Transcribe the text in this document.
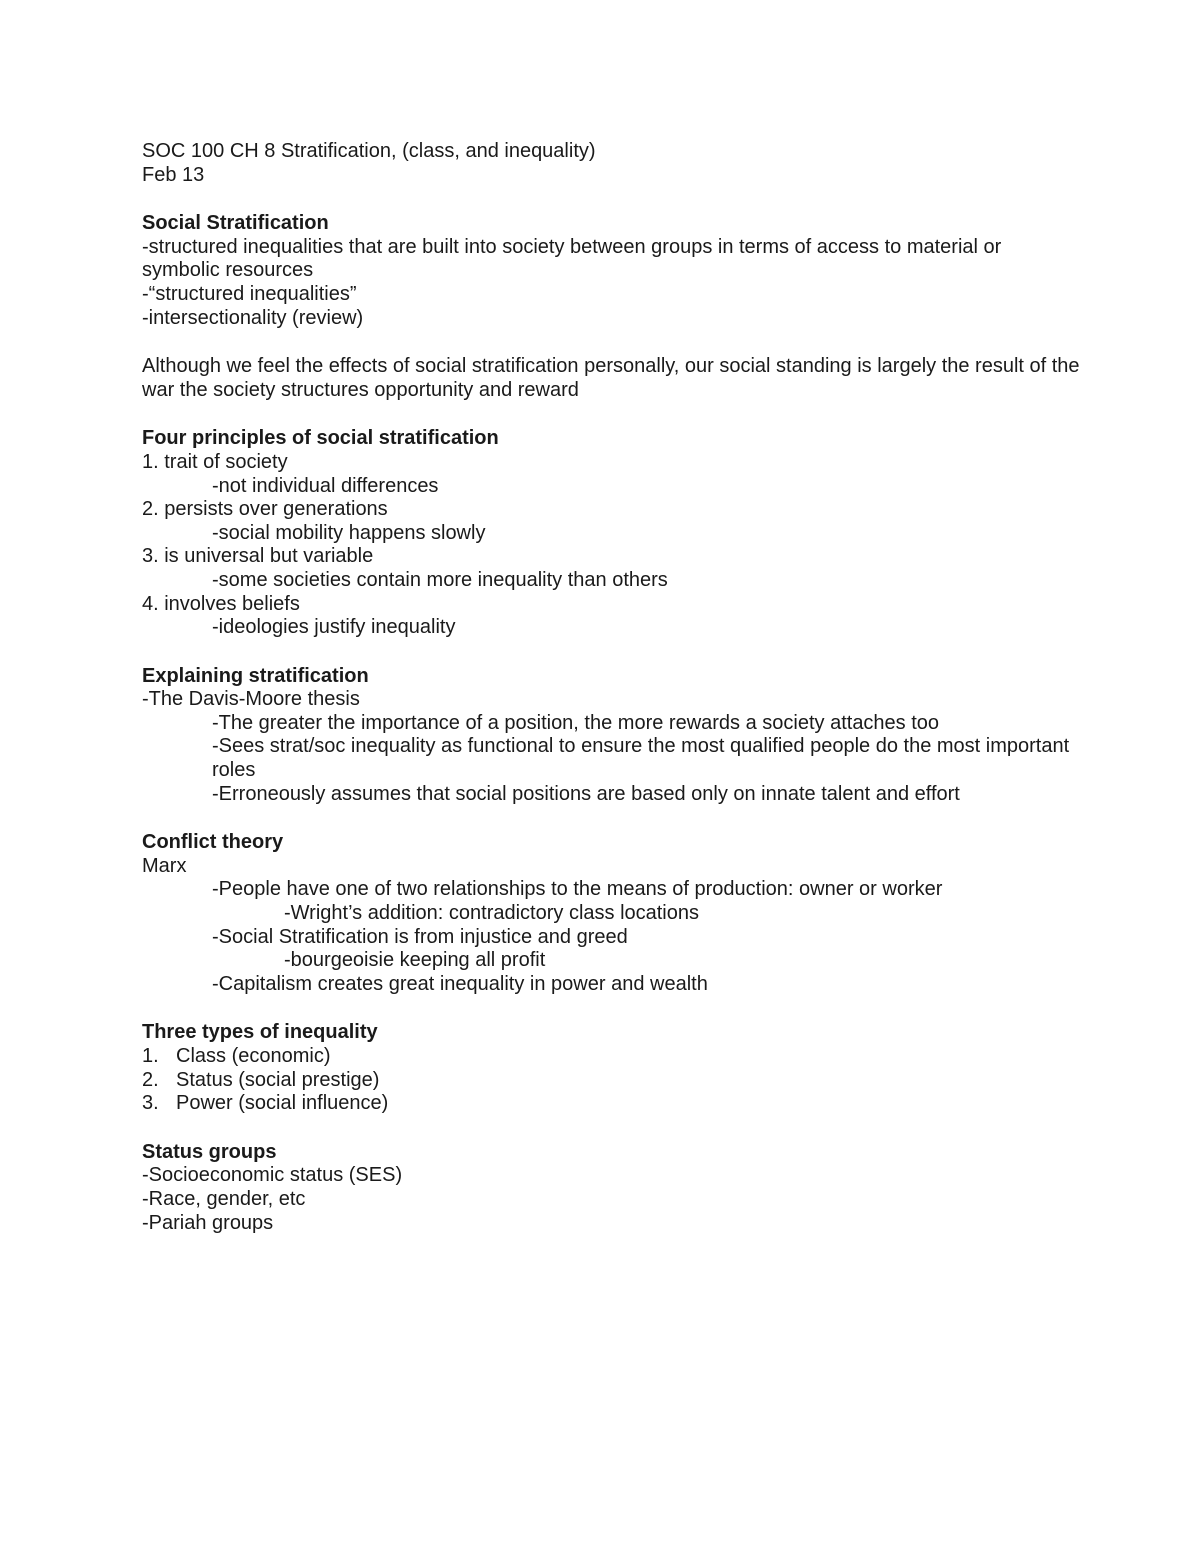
SOC 100 CH 8 Stratification, (class, and inequality)
Feb 13
Social Stratification
-structured inequalities that are built into society between groups in terms of access to material or symbolic resources
-“structured inequalities”
-intersectionality (review)
Although we feel the effects of social stratification personally, our social standing is largely the result of the war the society structures opportunity and reward
Four principles of social stratification
1. trait of society
-not individual differences
2. persists over generations
-social mobility happens slowly
3. is universal but variable
-some societies contain more inequality than others
4. involves beliefs
-ideologies justify inequality
Explaining stratification
-The Davis-Moore thesis
-The greater the importance of a position, the more rewards a society attaches too
-Sees strat/soc inequality as functional to ensure the most qualified people do the most important roles
-Erroneously assumes that social positions are based only on innate talent and effort
Conflict theory
Marx
-People have one of two relationships to the means of production: owner or worker
-Wright’s addition: contradictory class locations
-Social Stratification is from injustice and greed
-bourgeoisie keeping all profit
-Capitalism creates great inequality in power and wealth
Three types of inequality
1. Class (economic)
2. Status (social prestige)
3. Power (social influence)
Status groups
-Socioeconomic status (SES)
-Race, gender, etc
-Pariah groups
